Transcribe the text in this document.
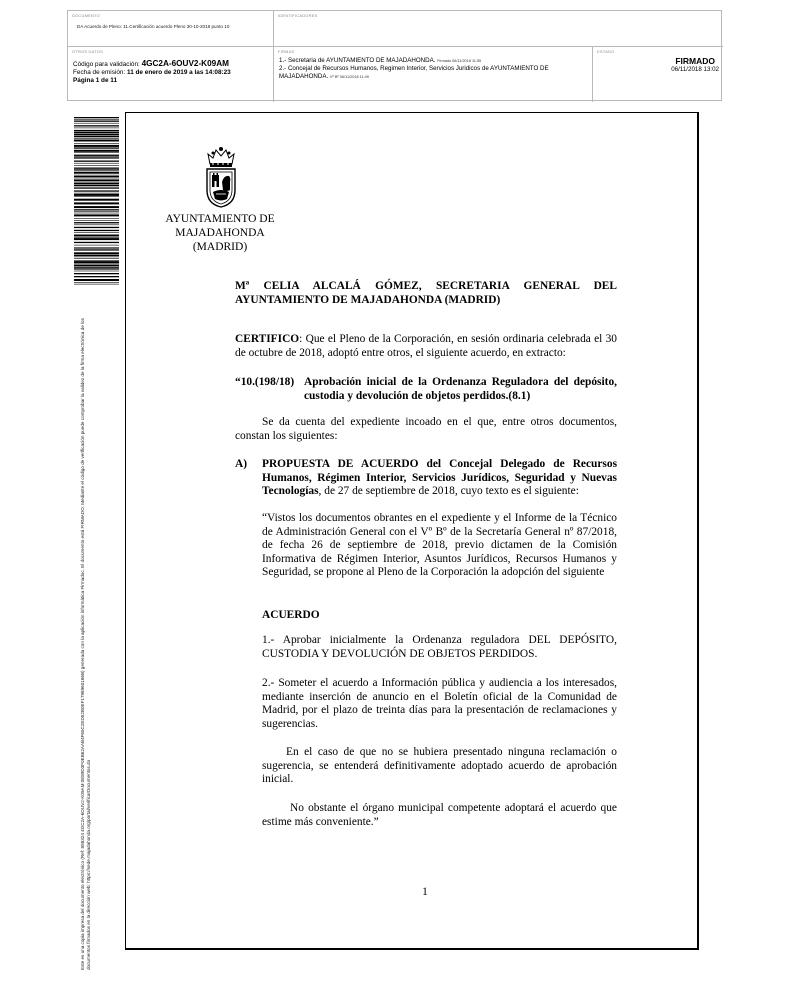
DOCUMENTO
DA Acuerdo de Pleno: 11.Certificación acuerdo Pleno 30-10-2018 punto 10
IDENTIFICADORES
OTROS DATOS
Código para validación: 4GC2A-6OUV2-K09AM
Fecha de emisión: 11 de enero de 2019 a las 14:08:23
Página 1 de 11
FIRMAS
1.- Secretaria de AYUNTAMIENTO DE MAJADAHONDA. Firmado 06/11/2018 11:55
2.- Concejal de Recursos Humanos, Regimen Interior, Servicios Juridicos de AYUNTAMIENTO DE
MAJADAHONDA. Vº Bº 06/11/2018 11:49
ESTADO
FIRMADO
06/11/2018 13:02
Este es una copia impresa del documento electrónico (Ref: 858324 4GC2A-6OUV2-K09AM 0E89D3F0EB62AAB4F65C2ED52B0EF1798960166B) generada con la aplicación informática Firmadoc. El documento está FIRMADO. Mediante el código de verificación puede comprobar la validez de la firma electrónica de los documentos firmados en la dirección web: https://sede.majadahonda.org/portal/verificarDocumentos.do
AYUNTAMIENTO DE
MAJADAHONDA
(MADRID)
Mª CELIA ALCALÁ GÓMEZ, SECRETARIA GENERAL DEL
AYUNTAMIENTO DE MAJADAHONDA (MADRID)
CERTIFICO: Que el Pleno de la Corporación, en sesión ordinaria celebrada el 30 de octubre de 2018, adoptó entre otros, el siguiente acuerdo, en extracto:
“10.(198/18) Aprobación inicial de la Ordenanza Reguladora del depósito, custodia y devolución de objetos perdidos.(8.1)
Se da cuenta del expediente incoado en el que, entre otros documentos, constan los siguientes:
A)	PROPUESTA DE ACUERDO del Concejal Delegado de Recursos Humanos, Régimen Interior, Servicios Jurídicos, Seguridad y Nuevas Tecnologías, de 27 de septiembre de 2018, cuyo texto es el siguiente:
“Vistos los documentos obrantes en el expediente y el Informe de la Técnico de Administración General con el Vº Bº de la Secretaría General nº 87/2018, de fecha 26 de septiembre de 2018, previo dictamen de la Comisión Informativa de Régimen Interior, Asuntos Jurídicos, Recursos Humanos y Seguridad, se propone al Pleno de la Corporación la adopción del siguiente
ACUERDO
1.- Aprobar inicialmente la Ordenanza reguladora DEL DEPÓSITO, CUSTODIA Y DEVOLUCIÓN DE OBJETOS PERDIDOS.
2.- Someter el acuerdo a Información pública y audiencia a los interesados, mediante inserción de anuncio en el Boletín oficial de la Comunidad de Madrid, por el plazo de treinta días para la presentación de reclamaciones y sugerencias.
En el caso de que no se hubiera presentado ninguna reclamación o sugerencia, se entenderá definitivamente adoptado acuerdo de aprobación inicial.
No obstante el órgano municipal competente adoptará el acuerdo que estime más conveniente.”
1
